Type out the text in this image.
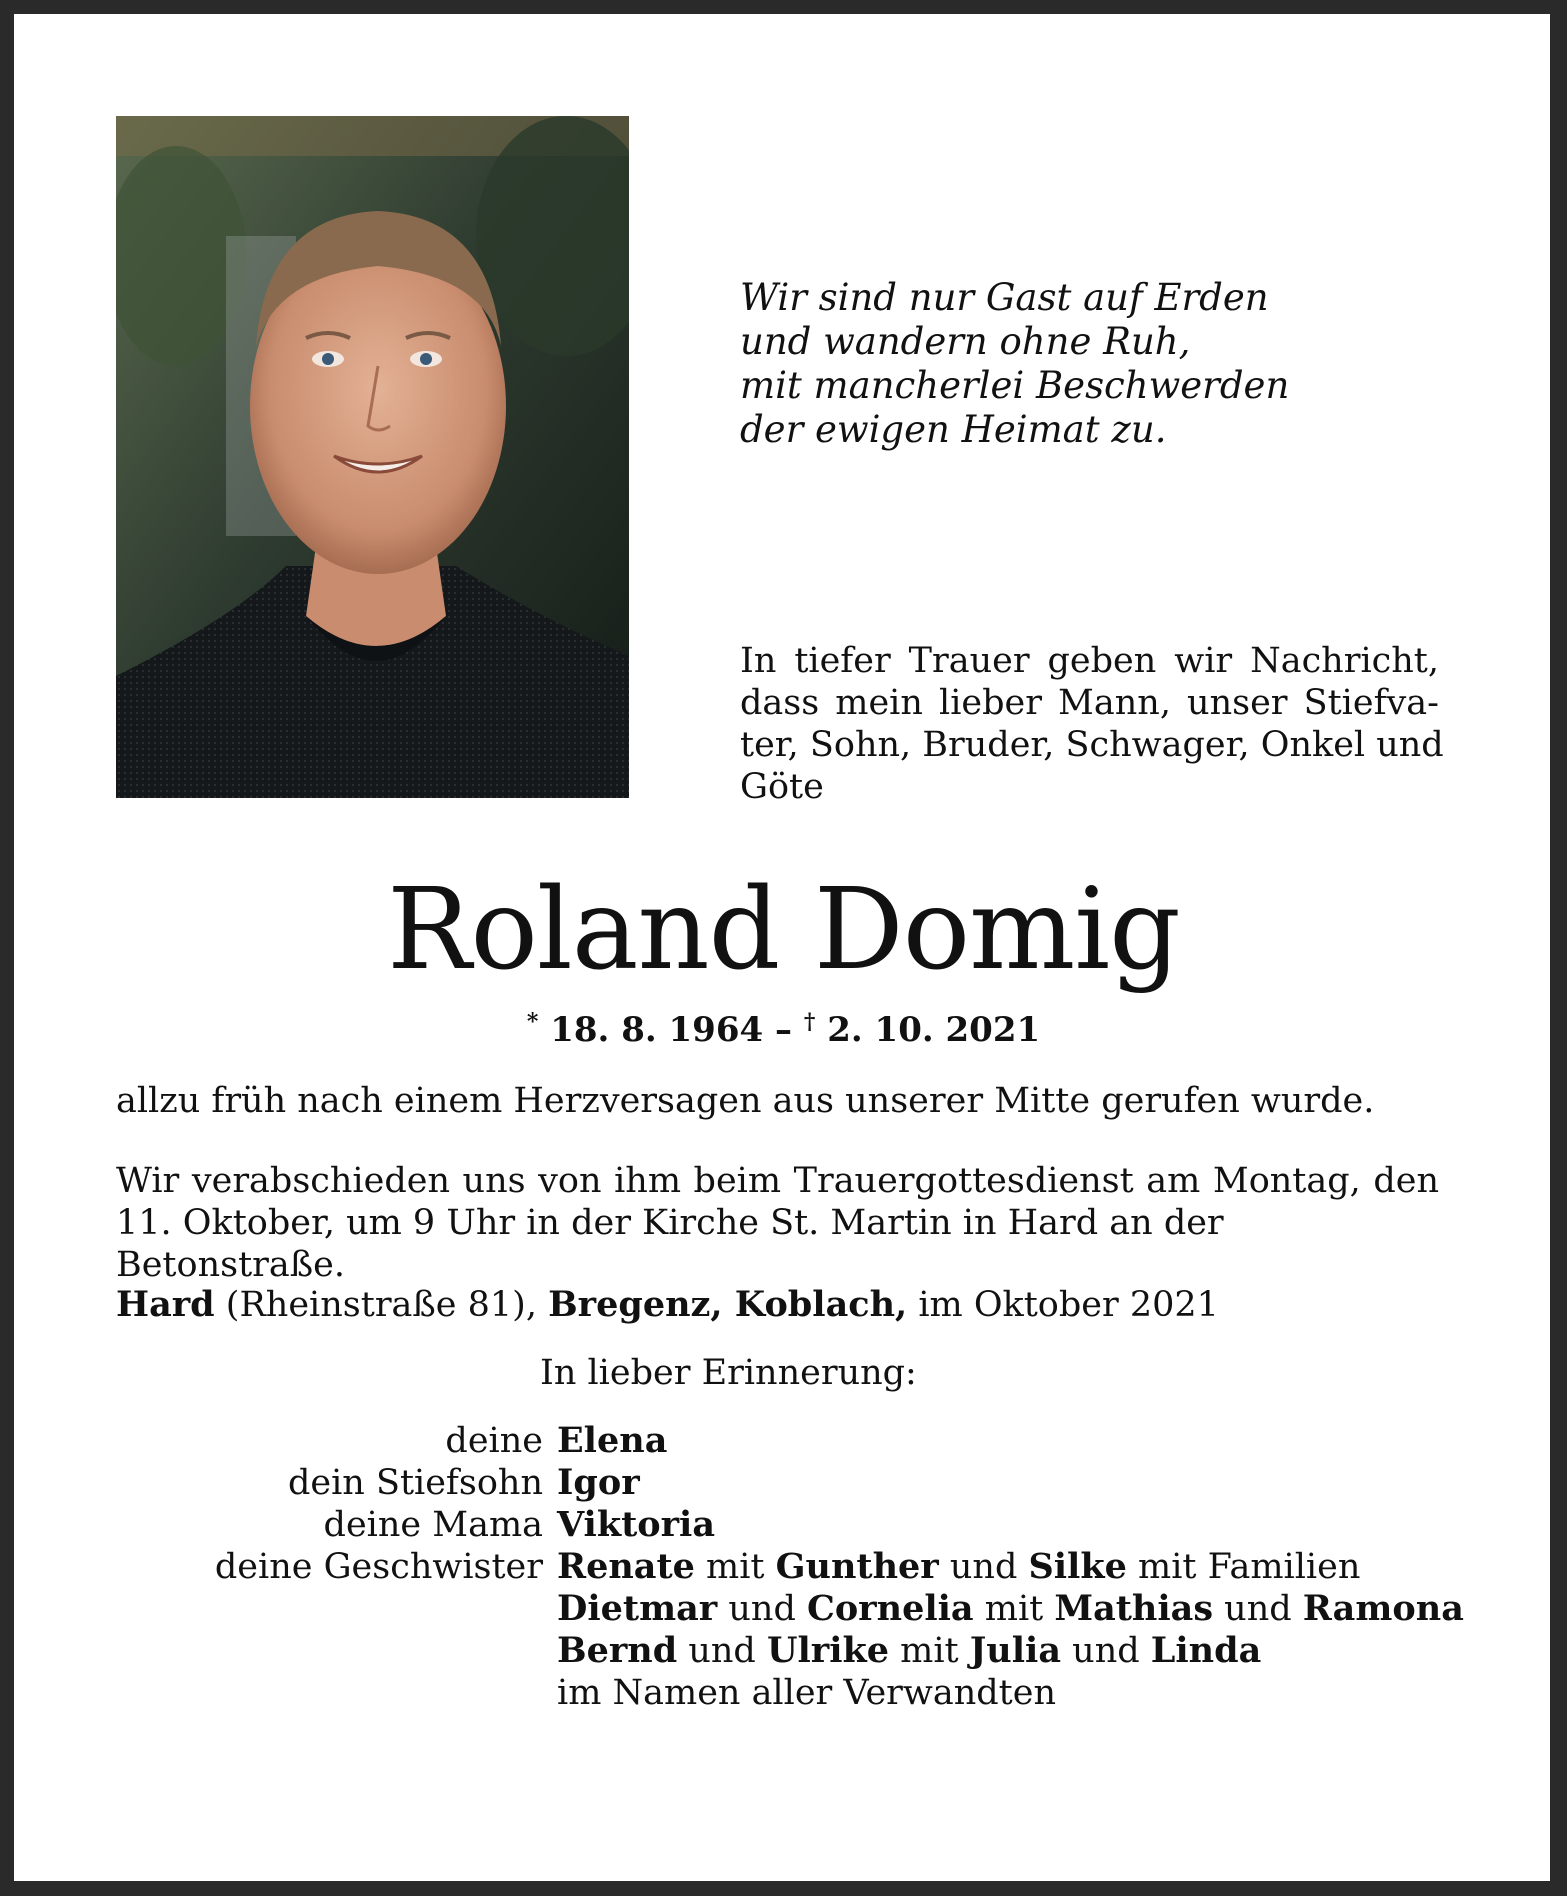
Wir sind nur Gast auf Erden
und wandern ohne Ruh,
mit mancherlei Beschwerden
der ewigen Heimat zu.
In tiefer Trauer geben wir Nachricht,
dass mein lieber Mann, unser Stiefva-
ter, Sohn, Bruder, Schwager, Onkel und
Göte
Roland Domig
* 18. 8. 1964 – † 2. 10. 2021
allzu früh nach einem Herzversagen aus unserer Mitte gerufen wurde.
Wir verabschieden uns von ihm beim Trauergottesdienst am Montag, den
11. Oktober, um 9 Uhr in der Kirche St. Martin in Hard an der Betonstraße.
Hard (Rheinstraße 81), Bregenz, Koblach, im Oktober 2021
In lieber Erinnerung:
deine Elena
dein Stiefsohn Igor
deine Mama Viktoria
deine Geschwister Renate mit Gunther und Silke mit Familien
Dietmar und Cornelia mit Mathias und Ramona
Bernd und Ulrike mit Julia und Linda
im Namen aller Verwandten
